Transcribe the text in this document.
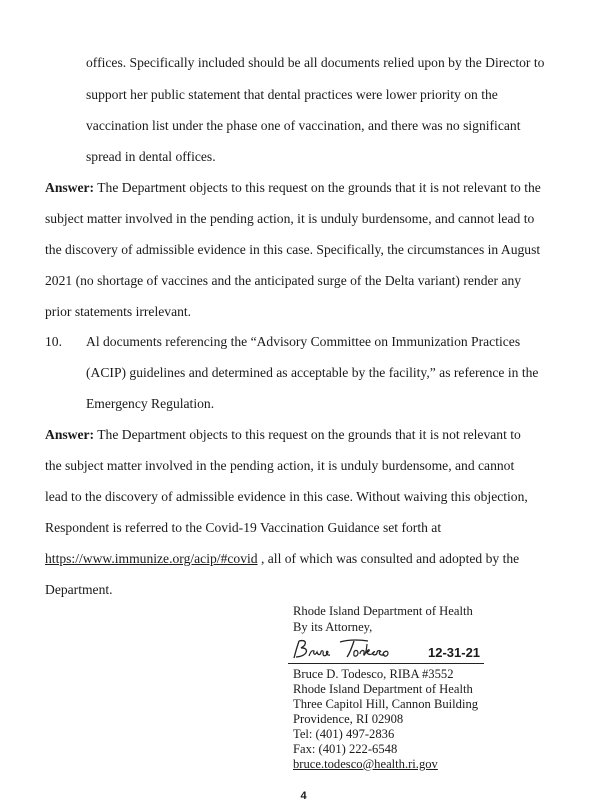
offices. Specifically included should be all documents relied upon by the Director to
support her public statement that dental practices were lower priority on the
vaccination list under the phase one of vaccination, and there was no significant
spread in dental offices.
Answer: The Department objects to this request on the grounds that it is not relevant to the
subject matter involved in the pending action, it is unduly burdensome, and cannot lead to
the discovery of admissible evidence in this case. Specifically, the circumstances in August
2021 (no shortage of vaccines and the anticipated surge of the Delta variant) render any
prior statements irrelevant.
10. Al documents referencing the “Advisory Committee on Immunization Practices
(ACIP) guidelines and determined as acceptable by the facility,” as reference in the
Emergency Regulation.
Answer: The Department objects to this request on the grounds that it is not relevant to
the subject matter involved in the pending action, it is unduly burdensome, and cannot
lead to the discovery of admissible evidence in this case. Without waiving this objection,
Respondent is referred to the Covid-19 Vaccination Guidance set forth at
https://www.immunize.org/acip/#covid , all of which was consulted and adopted by the
Department.
Rhode Island Department of Health
By its Attorney,
12-31-21
Bruce D. Todesco, RIBA #3552
Rhode Island Department of Health
Three Capitol Hill, Cannon Building
Providence, RI 02908
Tel: (401) 497-2836
Fax: (401) 222-6548
bruce.todesco@health.ri.gov
4
